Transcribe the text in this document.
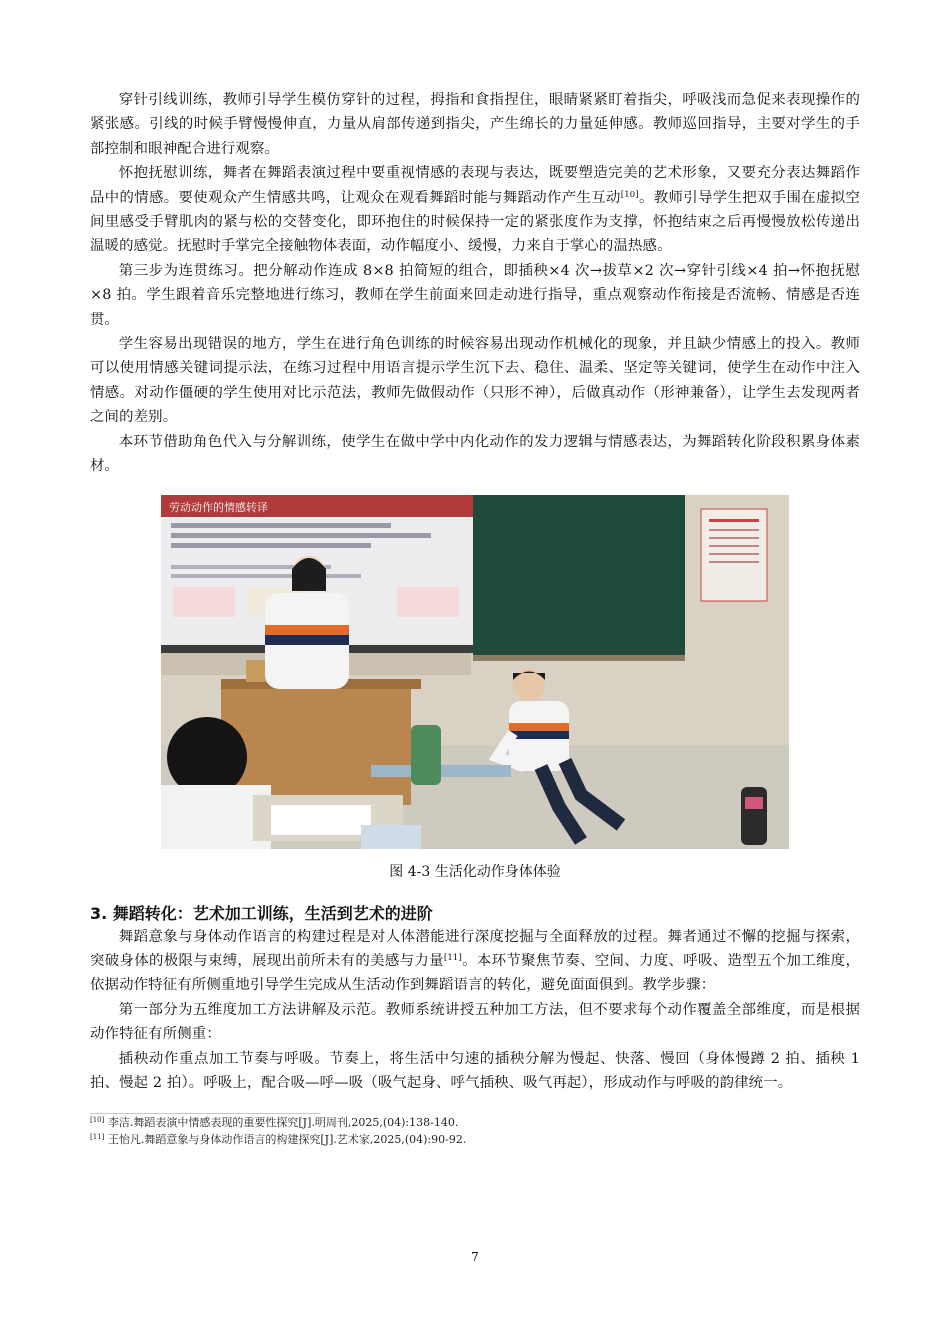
穿针引线训练，教师引导学生模仿穿针的过程，拇指和食指捏住，眼睛紧紧盯着指尖，呼吸浅而急促来表现操作的紧张感。引线的时候手臂慢慢伸直，力量从肩部传递到指尖，产生绵长的力量延伸感。教师巡回指导，主要对学生的手部控制和眼神配合进行观察。

怀抱抚慰训练，舞者在舞蹈表演过程中要重视情感的表现与表达，既要塑造完美的艺术形象，又要充分表达舞蹈作品中的情感。要使观众产生情感共鸣，让观众在观看舞蹈时能与舞蹈动作产生互动[10]。教师引导学生把双手围在虚拟空间里感受手臂肌肉的紧与松的交替变化，即环抱住的时候保持一定的紧张度作为支撑，怀抱结束之后再慢慢放松传递出温暖的感觉。抚慰时手掌完全接触物体表面，动作幅度小、缓慢，力来自于掌心的温热感。

第三步为连贯练习。把分解动作连成 8×8 拍简短的组合，即插秧×4 次→拔草×2 次→穿针引线×4 拍→怀抱抚慰×8 拍。学生跟着音乐完整地进行练习，教师在学生前面来回走动进行指导，重点观察动作衔接是否流畅、情感是否连贯。

学生容易出现错误的地方，学生在进行角色训练的时候容易出现动作机械化的现象，并且缺少情感上的投入。教师可以使用情感关键词提示法，在练习过程中用语言提示学生沉下去、稳住、温柔、坚定等关键词，使学生在动作中注入情感。对动作僵硬的学生使用对比示范法，教师先做假动作（只形不神），后做真动作（形神兼备），让学生去发现两者之间的差别。

本环节借助角色代入与分解训练，使学生在做中学中内化动作的发力逻辑与情感表达，为舞蹈转化阶段积累身体素材。

劳动动作的情感转译
图 4-3 生活化动作身体体验
3. 舞蹈转化：艺术加工训练，生活到艺术的进阶

舞蹈意象与身体动作语言的构建过程是对人体潜能进行深度挖掘与全面释放的过程。舞者通过不懈的挖掘与探索，突破身体的极限与束缚，展现出前所未有的美感与力量[11]。本环节聚焦节奏、空间、力度、呼吸、造型五个加工维度，依据动作特征有所侧重地引导学生完成从生活动作到舞蹈语言的转化，避免面面俱到。教学步骤：

第一部分为五维度加工方法讲解及示范。教师系统讲授五种加工方法，但不要求每个动作覆盖全部维度，而是根据动作特征有所侧重：

插秧动作重点加工节奏与呼吸。节奏上，将生活中匀速的插秧分解为慢起、快落、慢回（身体慢蹲 2 拍、插秧 1 拍、慢起 2 拍）。呼吸上，配合吸—呼—吸（吸气起身、呼气插秧、吸气再起），形成动作与呼吸的韵律统一。

[10] 李洁.舞蹈表演中情感表现的重要性探究[J].明周刊,2025,(04):138-140.
[11] 王怡凡.舞蹈意象与身体动作语言的构建探究[J].艺术家,2025,(04):90-92.
7
